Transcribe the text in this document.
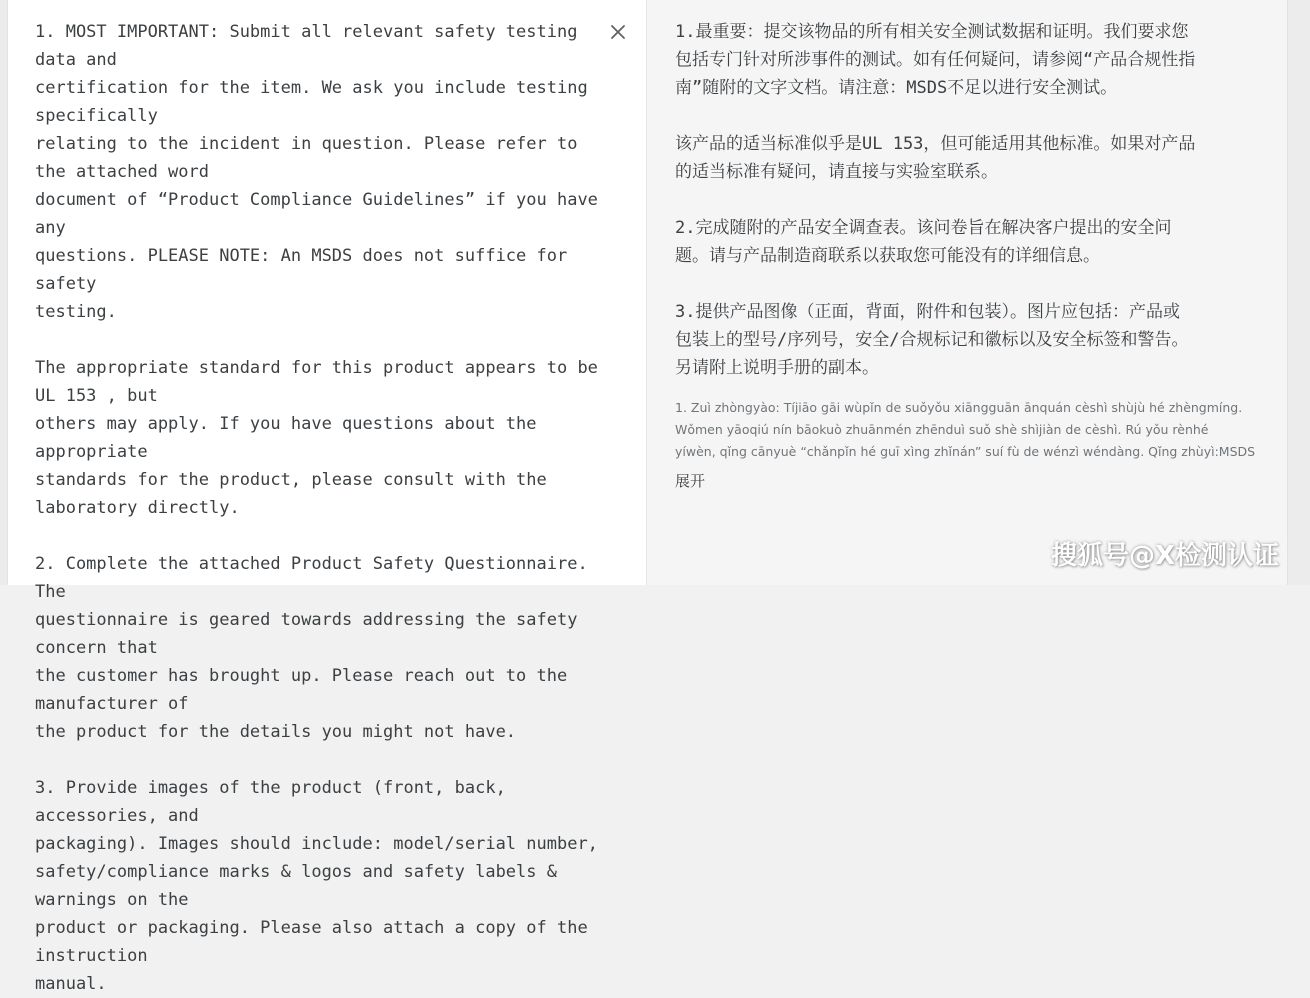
1. MOST IMPORTANT: Submit all relevant safety testing data and
certification for the item. We ask you include testing specifically
relating to the incident in question. Please refer to the attached word
document of “Product Compliance Guidelines” if you have any
questions. PLEASE NOTE: An MSDS does not suffice for safety
testing.

The appropriate standard for this product appears to be UL 153 , but
others may apply. If you have questions about the appropriate
standards for the product, please consult with the laboratory directly.

2. Complete the attached Product Safety Questionnaire. The
questionnaire is geared towards addressing the safety concern that
the customer has brought up. Please reach out to the manufacturer of
the product for the details you might not have.

3. Provide images of the product (front, back, accessories, and
packaging). Images should include: model/serial number,
safety/compliance marks & logos and safety labels & warnings on the
product or packaging. Please also attach a copy of the instruction
manual.
1.最重要：提交该物品的所有相关安全测试数据和证明。我们要求您
包括专门针对所涉事件的测试。如有任何疑问，请参阅“产品合规性指
南”随附的文字文档。请注意：MSDS不足以进行安全测试。

该产品的适当标准似乎是UL 153，但可能适用其他标准。如果对产品
的适当标准有疑问，请直接与实验室联系。

2.完成随附的产品安全调查表。该问卷旨在解决客户提出的安全问
题。请与产品制造商联系以获取您可能没有的详细信息。

3.提供产品图像（正面，背面，附件和包装）。图片应包括：产品或
包装上的型号/序列号，安全/合规标记和徽标以及安全标签和警告。
另请附上说明手册的副本。
1. Zuì zhòngyào: Tíjiāo gāi wùpǐn de suǒyǒu xiāngguān ānquán cèshì shùjù hé zhèngmíng.
Wǒmen yāoqiú nín bāokuò zhuānmén zhēnduì suǒ shè shìjiàn de cèshì. Rú yǒu rènhé
yíwèn, qǐng cānyuè “chǎnpǐn hé guī xìng zhǐnán” suí fù de wénzì wéndàng. Qǐng zhùyì:MSDS
展开
搜狐号@X检测认证
